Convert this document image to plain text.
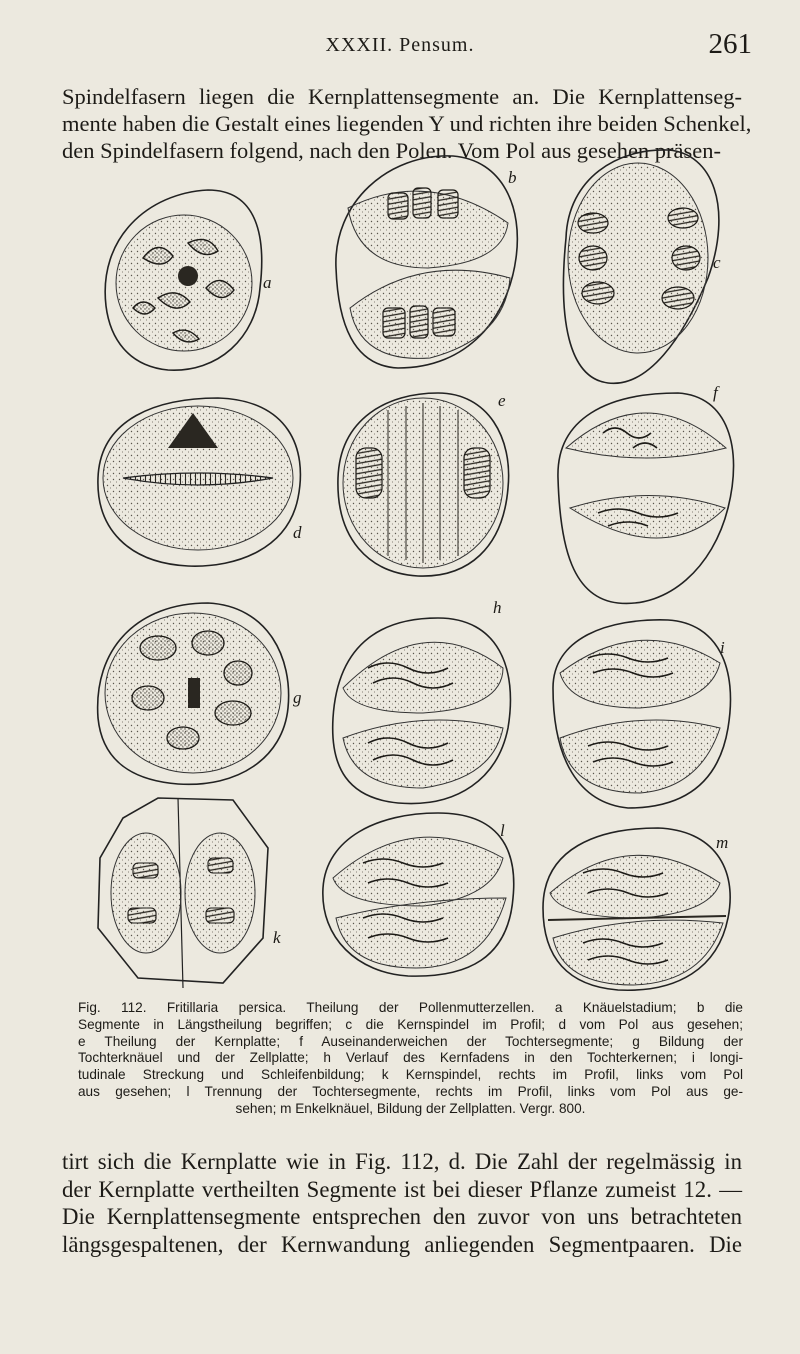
XXXII. Pensum.	261
Spindelfasern liegen die Kernplattensegmente an. Die Kernplattenseg-
mente haben die Gestalt eines liegenden Y und richten ihre beiden Schenkel,
den Spindelfasern folgend, nach den Polen. Vom Pol aus gesehen präsen-
a
b
c
d
e	f
g
h
i
k
l
m
Fig. 112. Fritillaria persica. Theilung der Pollenmutterzellen. a Knäuelstadium; b die
Segmente in Längstheilung begriffen; c die Kernspindel im Profil; d vom Pol aus gesehen;
e Theilung der Kernplatte; f Auseinanderweichen der Tochtersegmente; g Bildung der
Tochterknäuel und der Zellplatte; h Verlauf des Kernfadens in den Tochterkernen; i longi-
tudinale Streckung und Schleifenbildung; k Kernspindel, rechts im Profil, links vom Pol
aus gesehen; l Trennung der Tochtersegmente, rechts im Profil, links vom Pol aus ge-
sehen; m Enkelknäuel, Bildung der Zellplatten. Vergr. 800.
tirt sich die Kernplatte wie in Fig. 112, d. Die Zahl der regelmässig in
der Kernplatte vertheilten Segmente ist bei dieser Pflanze zumeist 12. —
Die Kernplattensegmente entsprechen den zuvor von uns betrachteten
längsgespaltenen, der Kernwandung anliegenden Segmentpaaren. Die
